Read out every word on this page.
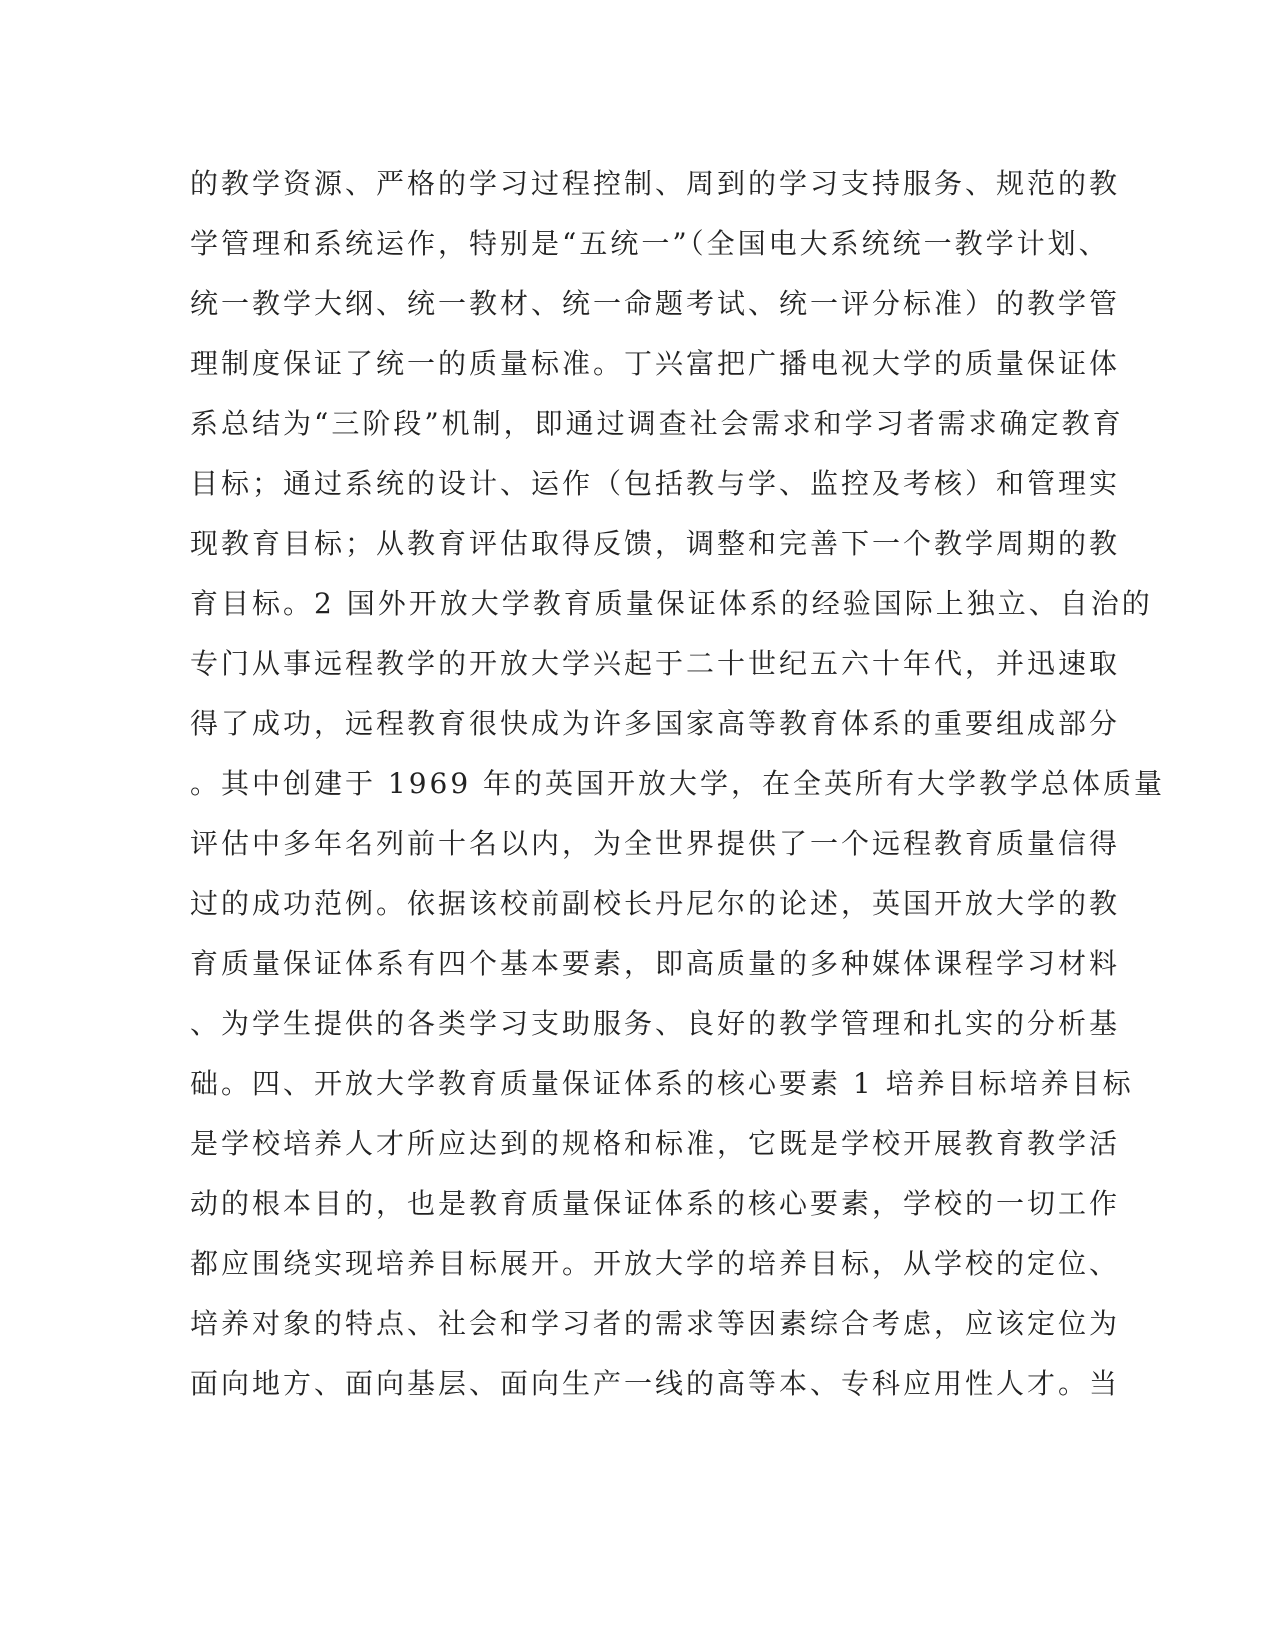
的教学资源、严格的学习过程控制、周到的学习支持服务、规范的教
学管理和系统运作，特别是“五统一”（全国电大系统统一教学计划、
统一教学大纲、统一教材、统一命题考试、统一评分标准）的教学管
理制度保证了统一的质量标准。丁兴富把广播电视大学的质量保证体
系总结为“三阶段”机制，即通过调查社会需求和学习者需求确定教育
目标；通过系统的设计、运作（包括教与学、监控及考核）和管理实
现教育目标；从教育评估取得反馈，调整和完善下一个教学周期的教
育目标。2 国外开放大学教育质量保证体系的经验国际上独立、自治的
专门从事远程教学的开放大学兴起于二十世纪五六十年代，并迅速取
得了成功，远程教育很快成为许多国家高等教育体系的重要组成部分
。其中创建于 1969 年的英国开放大学，在全英所有大学教学总体质量
评估中多年名列前十名以内，为全世界提供了一个远程教育质量信得
过的成功范例。依据该校前副校长丹尼尔的论述，英国开放大学的教
育质量保证体系有四个基本要素，即高质量的多种媒体课程学习材料
、为学生提供的各类学习支助服务、良好的教学管理和扎实的分析基
础。四、开放大学教育质量保证体系的核心要素 1 培养目标培养目标
是学校培养人才所应达到的规格和标准，它既是学校开展教育教学活
动的根本目的，也是教育质量保证体系的核心要素，学校的一切工作
都应围绕实现培养目标展开。开放大学的培养目标，从学校的定位、
培养对象的特点、社会和学习者的需求等因素综合考虑，应该定位为
面向地方、面向基层、面向生产一线的高等本、专科应用性人才。当
